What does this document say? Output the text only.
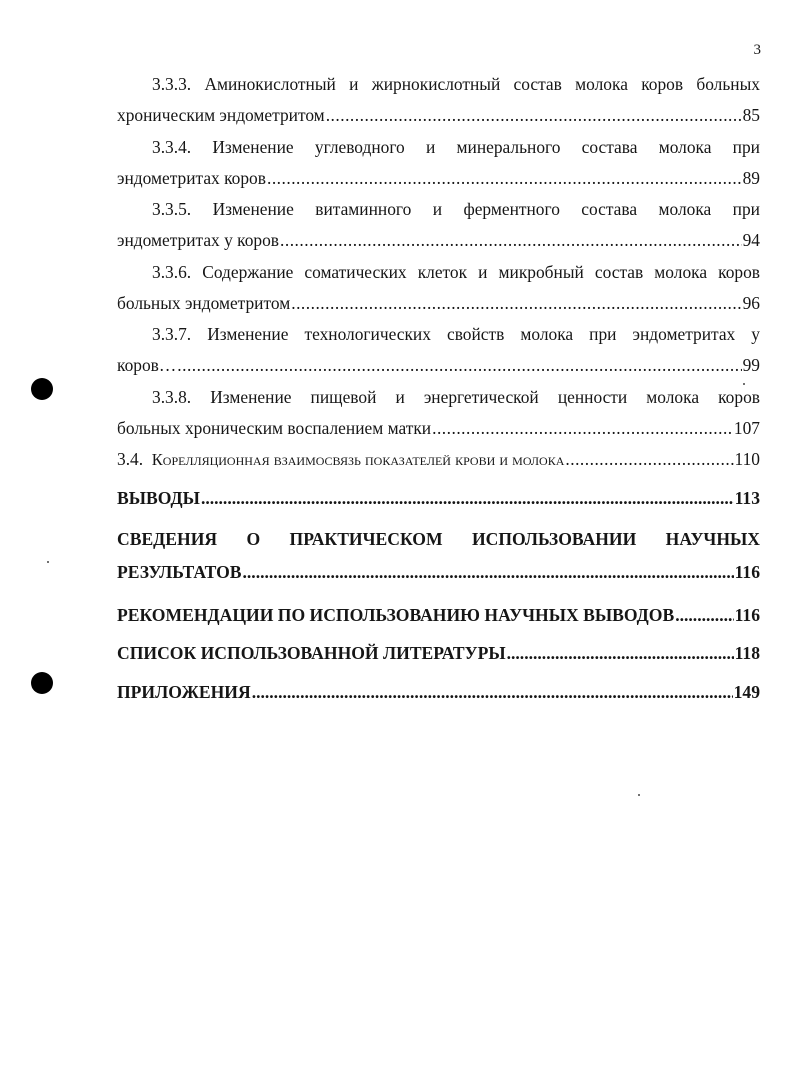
3
3.3.3. Аминокислотный и жирнокислотный состав молока коров больных
хроническим эндометритом .....	85
3.3.4. Изменение углеводного и минерального состава молока при
эндометритах коров .....	89
3.3.5. Изменение витаминного и ферментного состава молока при
эндометритах у коров .....	94
3.3.6. Содержание соматических клеток и микробный состав молока коров
больных эндометритом .....	96
3.3.7. Изменение технологических свойств молока при эндометритах у
коров… .....	99
3.3.8. Изменение пищевой и энергетической ценности молока коров
больных хроническим воспалением матки .....	107
3.4.
Корелляционная взаимосвязь показателей крови и молока .....	110
ВЫВОДЫ .....	113
СВЕДЕНИЯ О ПРАКТИЧЕСКОМ ИСПОЛЬЗОВАНИИ НАУЧНЫХ
РЕЗУЛЬТАТОВ .....	116
РЕКОМЕНДАЦИИ ПО ИСПОЛЬЗОВАНИЮ НАУЧНЫХ ВЫВОДОВ .....	116
СПИСОК ИСПОЛЬЗОВАННОЙ ЛИТЕРАТУРЫ .....	118
ПРИЛОЖЕНИЯ .....	149
